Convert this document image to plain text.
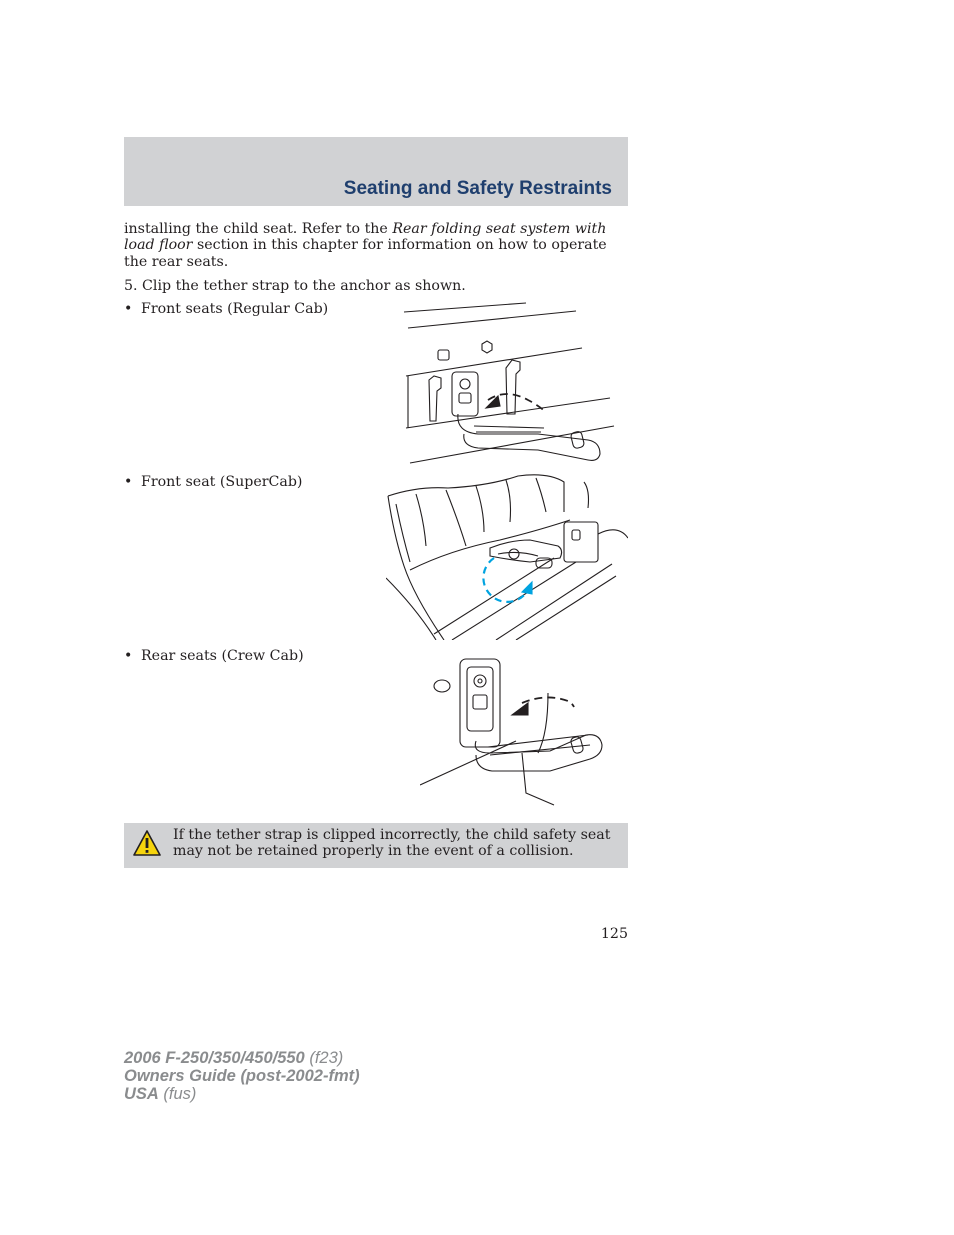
Seating and Safety Restraints
installing the child seat. Refer to the Rear folding seat system with load floor section in this chapter for information on how to operate the rear seats.
5. Clip the tether strap to the anchor as shown.
• Front seats (Regular Cab)
• Front seat (SuperCab)
• Rear seats (Crew Cab)
If the tether strap is clipped incorrectly, the child safety seat may not be retained properly in the event of a collision.
125
2006 F-250/350/450/550 (f23)
Owners Guide (post-2002-fmt)
USA (fus)
